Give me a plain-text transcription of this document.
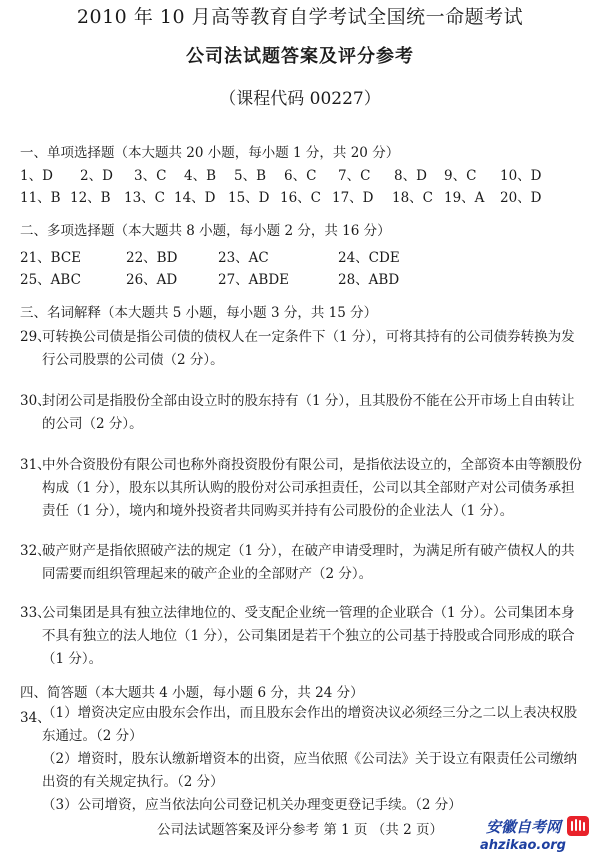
2010 年 10 月高等教育自学考试全国统一命题考试
公司法试题答案及评分参考
（课程代码 00227）
一、单项选择题（本大题共 20 小题，每小题 1 分，共 20 分）
1、D 2、D 3、C 4、B 5、B 6、C 7、C 8、D 9、C 10、D
11、B 12、B 13、C 14、D 15、D 16、C 17、D 18、C 19、A 20、D
二、多项选择题（本大题共 8 小题，每小题 2 分，共 16 分）
21、BCE	22、BD	23、AC	24、CDE
25、ABC	26、AD	27、ABDE	28、ABD
三、名词解释（本大题共 5 小题，每小题 3 分，共 15 分）
29、
可转换公司债是指公司债的债权人在一定条件下（1 分），可将其持有的公司债券转换为发行公司股票的公司债（2 分）。
30、
封闭公司是指股份全部由设立时的股东持有（1 分），且其股份不能在公开市场上自由转让的公司（2 分）。
31、
中外合资股份有限公司也称外商投资股份有限公司，是指依法设立的，全部资本由等额股份构成（1 分），股东以其所认购的股份对公司承担责任，公司以其全部财产对公司债务承担责任（1 分），境内和境外投资者共同购买并持有公司股份的企业法人（1 分）。
32、
破产财产是指依照破产法的规定（1 分），在破产申请受理时，为满足所有破产债权人的共同需要而组织管理起来的破产企业的全部财产（2 分）。
33、
公司集团是具有独立法律地位的、受支配企业统一管理的企业联合（1 分）。公司集团本身不具有独立的法人地位（1 分），公司集团是若干个独立的公司基于持股或合同形成的联合（1 分）。
四、简答题（本大题共 4 小题，每小题 6 分，共 24 分）
34、
（1）增资决定应由股东会作出，而且股东会作出的增资决议必须经三分之二以上表决权股东通过。（2 分）
（2）增资时，股东认缴新增资本的出资，应当依照《公司法》关于设立有限责任公司缴纳出资的有关规定执行。（2 分）
（3）公司增资，应当依法向公司登记机关办理变更登记手续。（2 分）
公司法试题答案及评分参考 第 1 页 （共 2 页）	安徽自考网
ahzikao.org
